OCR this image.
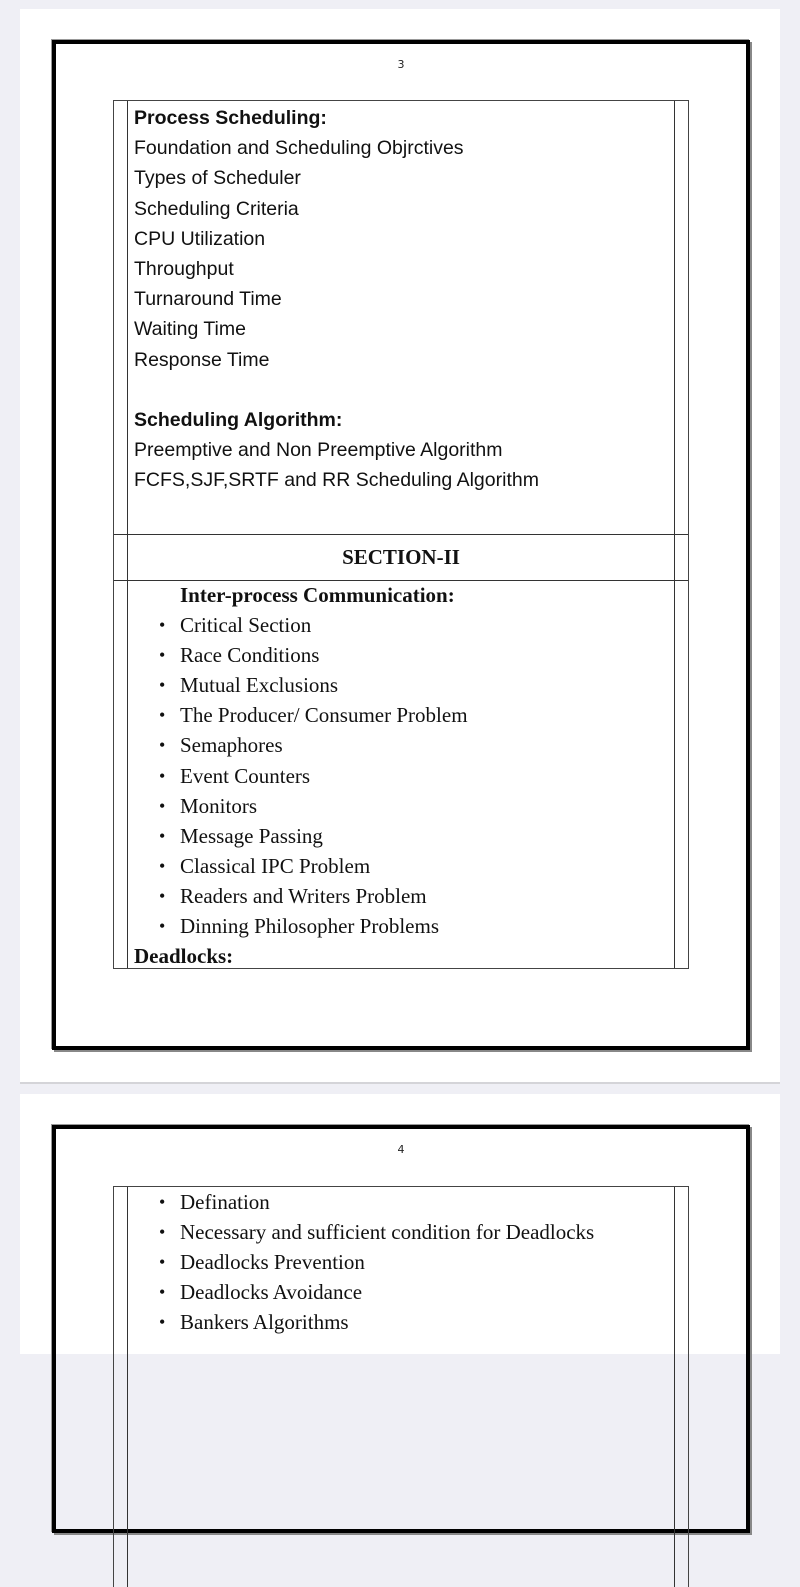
3
Process Scheduling:
Foundation and Scheduling Objrctives
Types of Scheduler
Scheduling Criteria
CPU Utilization
Throughput
Turnaround Time
Waiting Time
Response Time
Scheduling Algorithm:
Preemptive and Non Preemptive Algorithm
FCFS,SJF,SRTF and RR Scheduling Algorithm
SECTION-II
Inter-process Communication:
• Critical Section
• Race Conditions
• Mutual Exclusions
• The Producer/ Consumer Problem
• Semaphores
• Event Counters
• Monitors
• Message Passing
• Classical IPC Problem
• Readers and Writers Problem
• Dinning Philosopher Problems
Deadlocks:
4
• Defination
• Necessary and sufficient condition for Deadlocks
• Deadlocks Prevention
• Deadlocks Avoidance
• Bankers Algorithms
